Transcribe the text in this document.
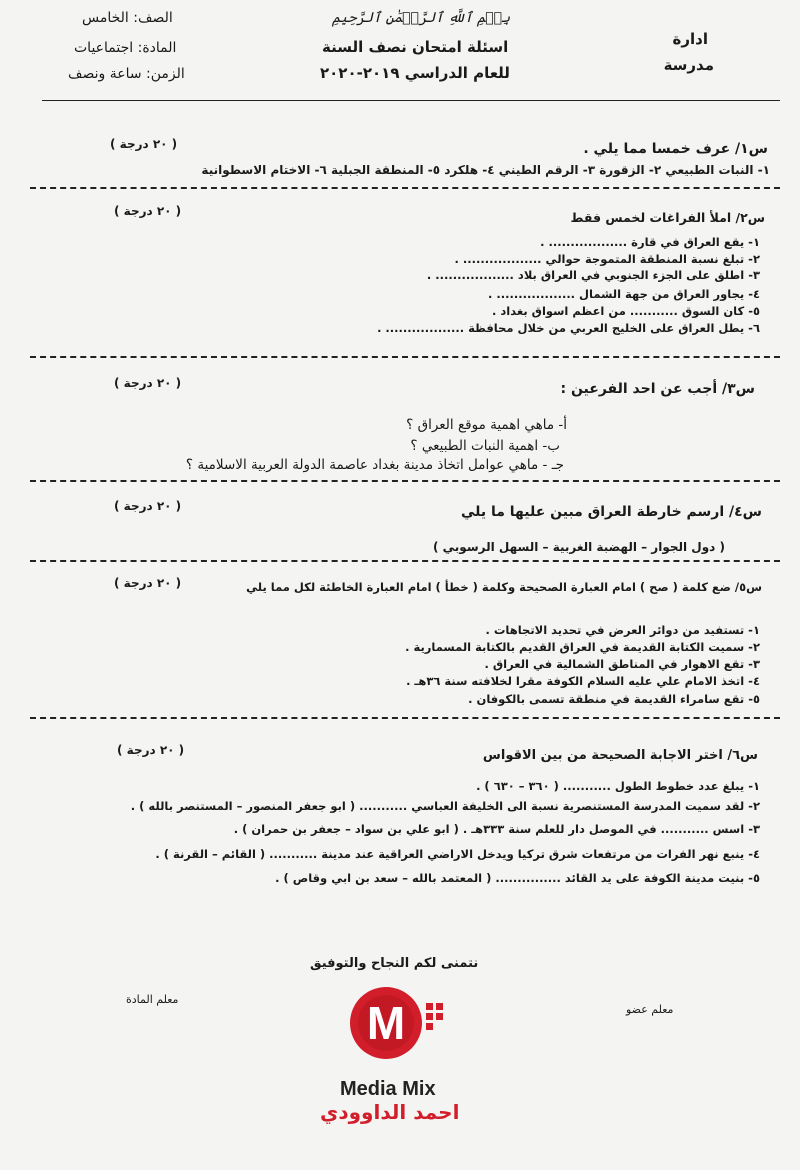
ادارة
مدرسة
بِسۡمِ ٱللَّهِ ٱلرَّحۡمَٰنِ ٱلرَّحِيمِ
اسئلة امتحان نصف السنة
للعام الدراسي ٢٠١٩-٢٠٢٠
الصف: الخامس
المادة: اجتماعيات
الزمن: ساعة ونصف
( ٢٠ درجة )	س١/ عرف خمسا مما يلي .
١- النبات الطبيعي ٢- الزقورة ٣- الرقم الطيني ٤- هلكرد ٥- المنطقة الجبلية ٦- الاختام الاسطوانية
( ٢٠ درجة )	س٢/ املأ الفراغات لخمس فقط
١- يقع العراق في قارة .................. .
٢- تبلغ نسبة المنطقة المتموجة حوالي .................. .
٣- اطلق على الجزء الجنوبي في العراق بلاد .................. .
٤- يجاور العراق من جهة الشمال .................. .
٥- كان السوق ........... من اعظم اسواق بغداد .
٦- يطل العراق على الخليج العربي من خلال محافظة .................. .
( ٢٠ درجة )	س٣/ أجب عن احد الفرعين :
أ- ماهي اهمية موقع العراق ؟
ب- اهمية النبات الطبيعي ؟
جـ - ماهي عوامل اتخاذ مدينة بغداد عاصمة الدولة العربية الاسلامية ؟
( ٢٠ درجة )	س٤/ ارسم خارطة العراق مبين عليها ما يلي
( دول الجوار – الهضبة الغربية – السهل الرسوبي )
( ٢٠ درجة )	س٥/ ضع كلمة ( صح ) امام العبارة الصحيحة وكلمة ( خطأ ) امام العبارة الخاطئة لكل مما يلي
١- تستفيد من دوائر العرض في تحديد الاتجاهات .
٢- سميت الكتابة القديمة في العراق القديم بالكتابة المسمارية .
٣- تقع الاهوار في المناطق الشمالية في العراق .
٤- اتخذ الامام علي عليه السلام الكوفة مقرا لخلافته سنة ٣٦هـ .
٥- تقع سامراء القديمة في منطقة تسمى بالكوفان .
( ٢٠ درجة )	س٦/ اختر الاجابة الصحيحة من بين الاقواس
١- يبلغ عدد خطوط الطول ........... ( ٣٦٠ – ٦٣٠ ) .
٢- لقد سميت المدرسة المستنصرية نسبة الى الخليفة العباسي ........... ( ابو جعفر المنصور – المستنصر بالله ) .
٣- اسس ........... في الموصل دار للعلم سنة ٣٣٣هـ . ( ابو علي بن سواد – جعفر بن حمران ) .
٤- ينبع نهر الفرات من مرتفعات شرق تركيا ويدخل الاراضي العراقية عند مدينة ........... ( القائم – القرنة ) .
٥- بنيت مدينة الكوفة على يد القائد ............... ( المعتمد بالله – سعد بن ابي وقاص ) .
نتمنى لكم النجاح والتوفيق
معلم عضو
معلم المادة	M
Media Mix
احمد الداوودي
